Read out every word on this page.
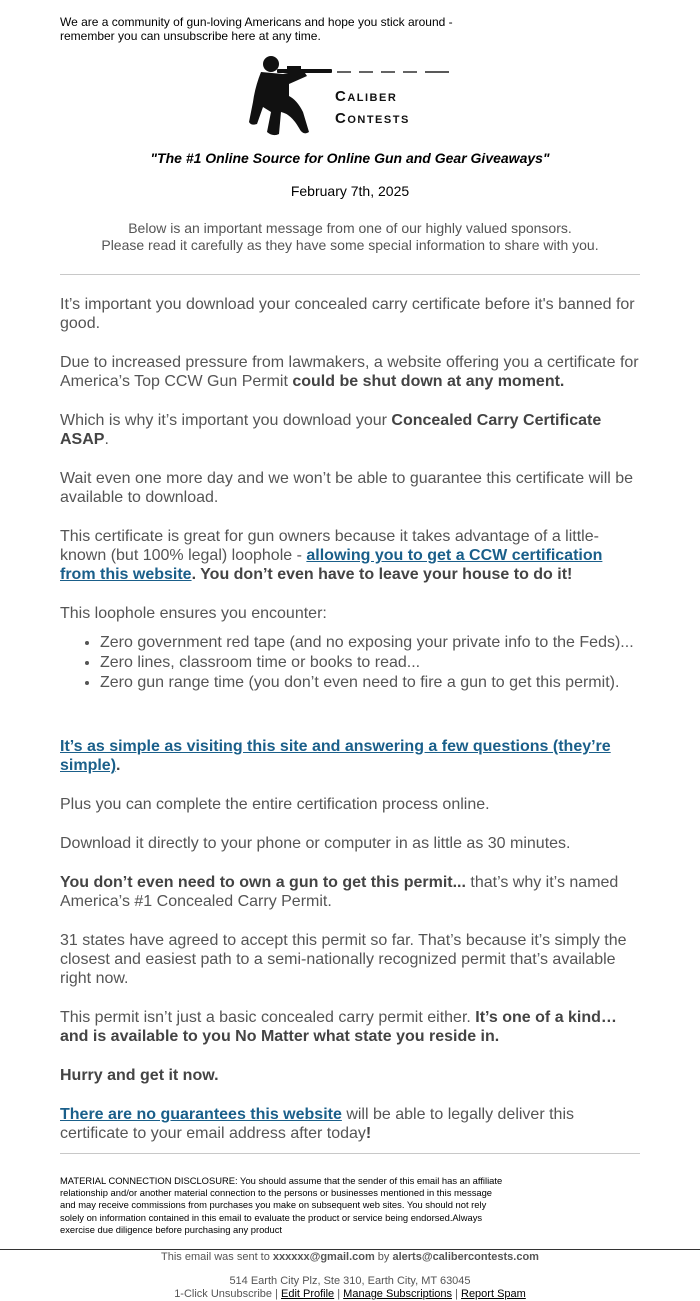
We are a community of gun-loving Americans and hope you stick around - remember you can unsubscribe here at any time.
Caliber
Contests
"The #1 Online Source for Online Gun and Gear Giveaways"
February 7th, 2025
Below is an important message from one of our highly valued sponsors.
Please read it carefully as they have some special information to share with you.

It’s important you download your concealed carry certificate before it's banned for good.

Due to increased pressure from lawmakers, a website offering you a certificate for America’s Top CCW Gun Permit could be shut down at any moment.

Which is why it’s important you download your Concealed Carry Certificate ASAP.

Wait even one more day and we won’t be able to guarantee this certificate will be available to download.

This certificate is great for gun owners because it takes advantage of a little-known (but 100% legal) loophole - allowing you to get a CCW certification from this website. You don’t even have to leave your house to do it!

This loophole ensures you encounter:

• Zero government red tape (and no exposing your private info to the Feds)...
• Zero lines, classroom time or books to read...
• Zero gun range time (you don’t even need to fire a gun to get this permit).

It’s as simple as visiting this site and answering a few questions (they’re simple).

Plus you can complete the entire certification process online.

Download it directly to your phone or computer in as little as 30 minutes.

You don’t even need to own a gun to get this permit... that’s why it’s named America’s #1 Concealed Carry Permit.

31 states have agreed to accept this permit so far. That’s because it’s simply the closest and easiest path to a semi-nationally recognized permit that’s available right now.

This permit isn’t just a basic concealed carry permit either. It’s one of a kind… and is available to you No Matter what state you reside in.

Hurry and get it now.

There are no guarantees this website will be able to legally deliver this certificate to your email address after today!

MATERIAL CONNECTION DISCLOSURE: You should assume that the sender of this email has an affiliate relationship and/or another material connection to the persons or businesses mentioned in this message and may receive commissions from purchases you make on subsequent web sites. You should not rely solely on information contained in this email to evaluate the product or service being endorsed.Always exercise due diligence before purchasing any product
This email was sent to xxxxxx@gmail.com by alerts@calibercontests.com
514 Earth City Plz, Ste 310, Earth City, MT 63045
1-Click Unsubscribe | Edit Profile | Manage Subscriptions | Report Spam
